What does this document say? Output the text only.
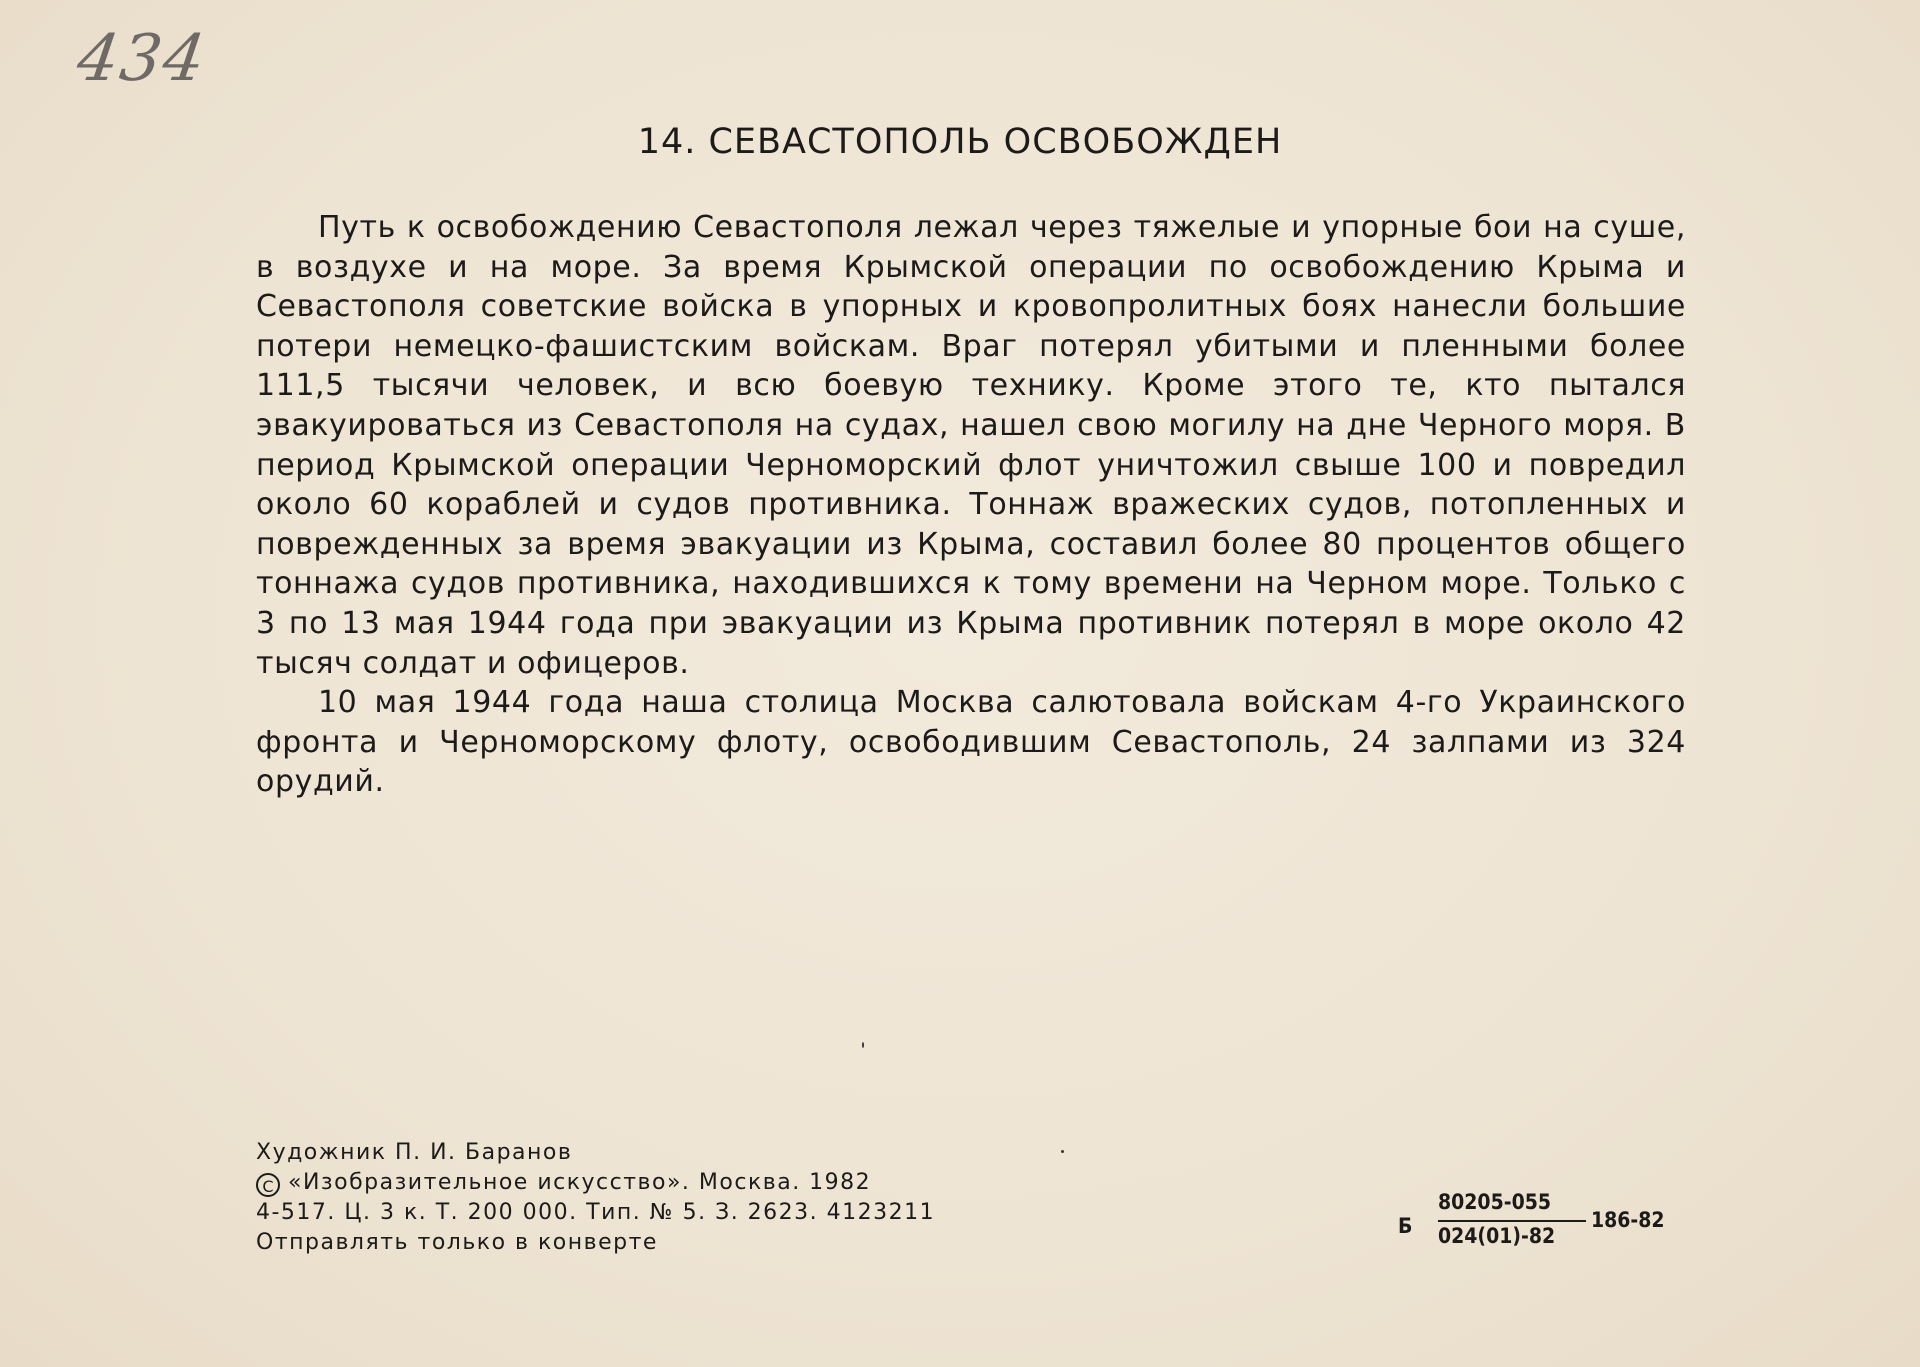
434
14. СЕВАСТОПОЛЬ ОСВОБОЖДЕН

Путь к освобождению Севастополя лежал через тяжелые и упорные бои на суше, в воздухе и на море. За время Крымской операции по освобождению Крыма и Севастополя советские войска в упорных и кровопролитных боях нанесли большие потери немецко-фашистским войскам. Враг потерял убитыми и пленными более 111,5 тысячи человек, и всю боевую технику. Кроме этого те, кто пытался эвакуироваться из Севастополя на судах, нашел свою могилу на дне Черного моря. В период Крымской операции Черноморский флот уничтожил свыше 100 и повредил около 60 кораблей и судов противника. Тоннаж вражеских судов, потопленных и поврежденных за время эвакуации из Крыма, составил более 80 процентов общего тоннажа судов противника, находившихся к тому времени на Черном море. Только с 3 по 13 мая 1944 года при эвакуации из Крыма противник потерял в море около 42 тысяч солдат и офицеров.

10 мая 1944 года наша столица Москва салютовала войскам 4-го Украинского фронта и Черноморскому флоту, освободившим Севастополь, 24 залпами из 324 орудий.

Художник П. И. Баранов
C «Изобразительное искусство». Москва. 1982
4-517. Ц. 3 к. Т. 200 000. Тип. № 5. З. 2623. 4123211
Отправлять только в конверте
Б
80205-055
024(01)-82
186-82
